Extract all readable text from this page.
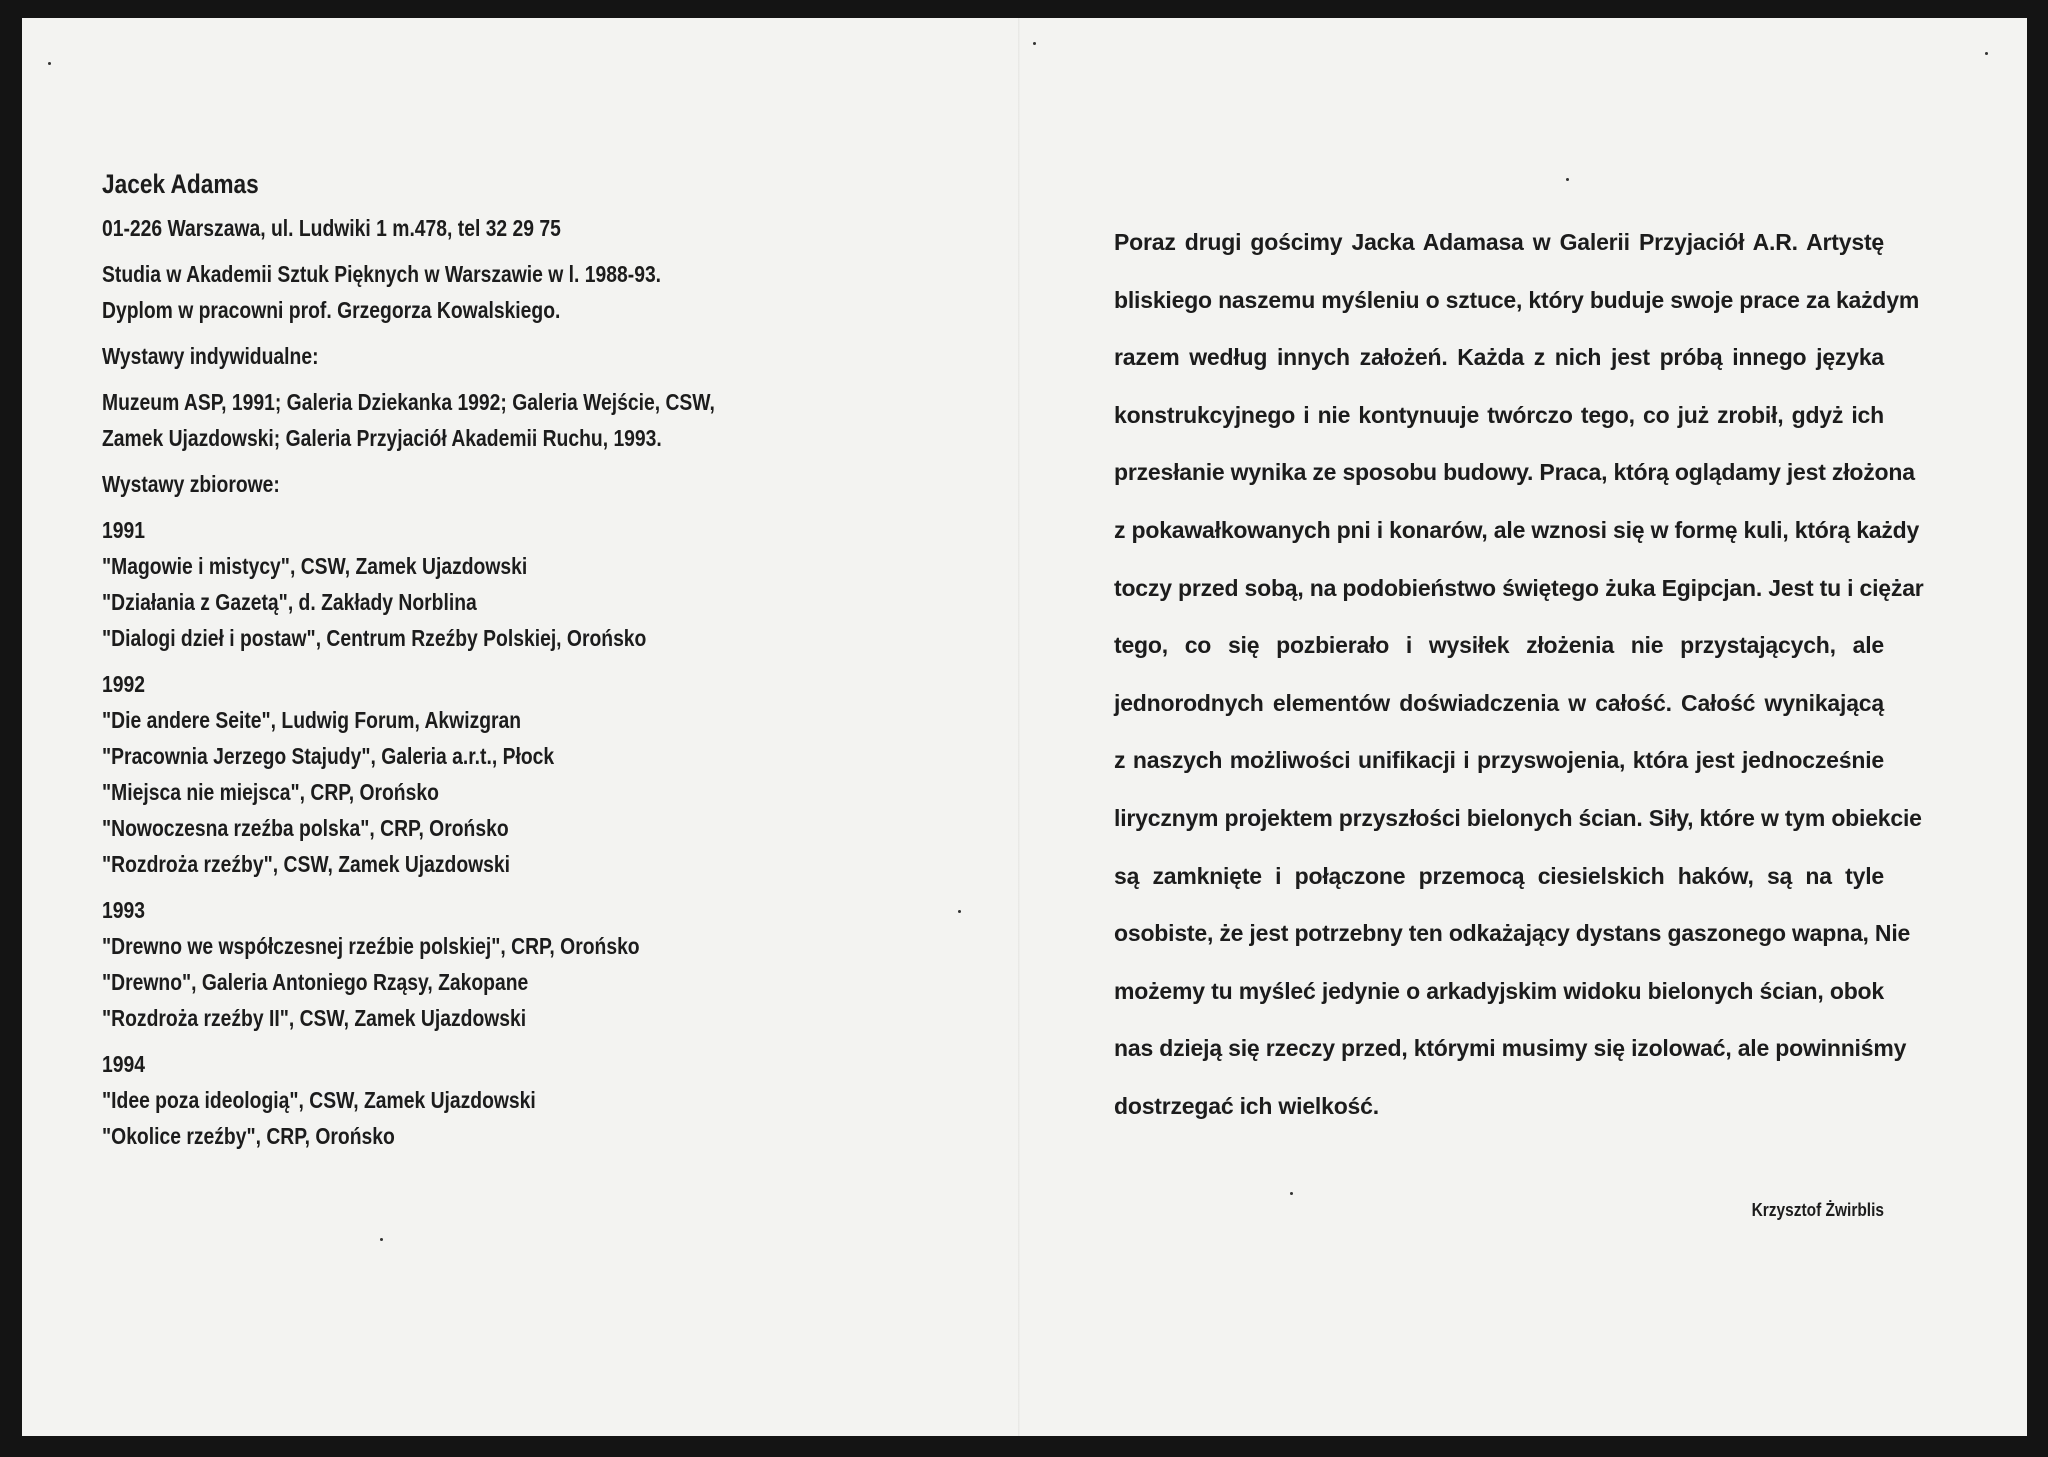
Jacek Adamas
01-226 Warszawa, ul. Ludwiki 1 m.478, tel 32 29 75
Studia w Akademii Sztuk Pięknych w Warszawie w l. 1988-93.
Dyplom w pracowni prof. Grzegorza Kowalskiego.
Wystawy indywidualne:
Muzeum ASP, 1991; Galeria Dziekanka 1992; Galeria Wejście, CSW,
Zamek Ujazdowski; Galeria Przyjaciół Akademii Ruchu, 1993.
Wystawy zbiorowe:
1991
"Magowie i mistycy", CSW, Zamek Ujazdowski
"Działania z Gazetą", d. Zakłady Norblina
"Dialogi dzieł i postaw", Centrum Rzeźby Polskiej, Orońsko
1992
"Die andere Seite", Ludwig Forum, Akwizgran
"Pracownia Jerzego Stajudy", Galeria a.r.t., Płock
"Miejsca nie miejsca", CRP, Orońsko
"Nowoczesna rzeźba polska", CRP, Orońsko
"Rozdroża rzeźby", CSW, Zamek Ujazdowski
1993
"Drewno we współczesnej rzeźbie polskiej", CRP, Orońsko
"Drewno", Galeria Antoniego Rząsy, Zakopane
"Rozdroża rzeźby II", CSW, Zamek Ujazdowski
1994
"Idee poza ideologią", CSW, Zamek Ujazdowski
"Okolice rzeźby", CRP, Orońsko
Poraz drugi gościmy Jacka Adamasa w Galerii Przyjaciół A.R. Artystę
bliskiego naszemu myśleniu o sztuce, który buduje swoje prace za każdym
razem według innych założeń. Każda z nich jest próbą innego języka
konstrukcyjnego i nie kontynuuje twórczo tego, co już zrobił, gdyż ich
przesłanie wynika ze sposobu budowy. Praca, którą oglądamy jest złożona
z pokawałkowanych pni i konarów, ale wznosi się w formę kuli, którą każdy
toczy przed sobą, na podobieństwo świętego żuka Egipcjan. Jest tu i ciężar
tego, co się pozbierało i wysiłek złożenia nie przystających, ale
jednorodnych elementów doświadczenia w całość. Całość wynikającą
z naszych możliwości unifikacji i przyswojenia, która jest jednocześnie
lirycznym projektem przyszłości bielonych ścian. Siły, które w tym obiekcie
są zamknięte i połączone przemocą ciesielskich haków, są na tyle
osobiste, że jest potrzebny ten odkażający dystans gaszonego wapna, Nie
możemy tu myśleć jedynie o arkadyjskim widoku bielonych ścian, obok
nas dzieją się rzeczy przed, którymi musimy się izolować, ale powinniśmy
dostrzegać ich wielkość.
Krzysztof Żwirblis
